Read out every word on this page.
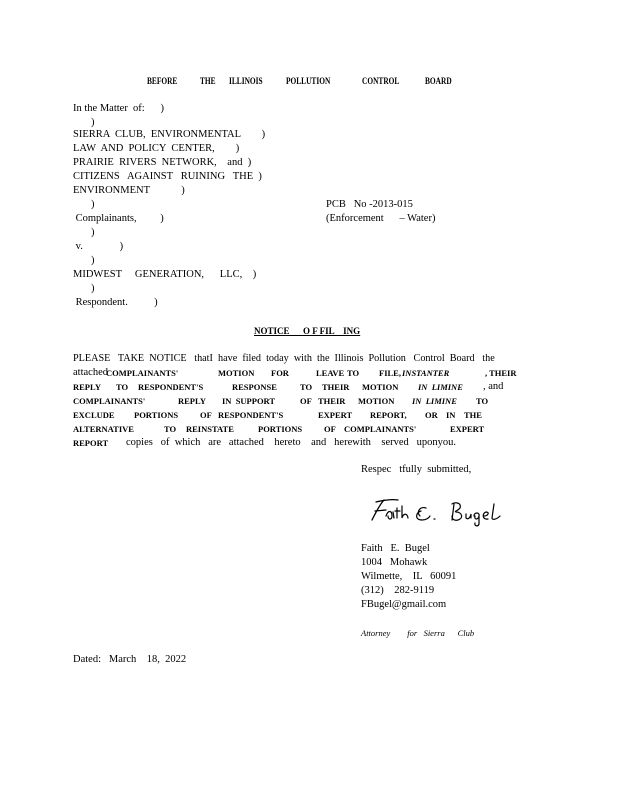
BEFORE	THE ILLINOIS	POLLUTION	CONTROL	BOARD
In the Matter  of:      )
)
SIERRA  CLUB,  ENVIRONMENTAL        )
LAW  AND  POLICY  CENTER,        )
PRAIRIE  RIVERS  NETWORK,    and  )
CITIZENS   AGAINST   RUINING   THE  )
ENVIRONMENT            )
)
Complainants,         )
)
v.              )
)
MIDWEST     GENERATION,      LLC,    )
)
Respondent.          )
PCB   No -2013-015
(Enforcement      – Water)
NOTICE      O F FIL    ING
PLEASE   TAKE  NOTICE   thatI  have  filed  today  with  the  Illinois  Pollution   Control  Board   the
attached
COMPLAINANTS'	MOTION FOR	LEAVE TO FILE, INSTANTER	, THEIR
REPLY TO RESPONDENT'S	RESPONSE	TO THEIR MOTION IN  LIMINE , and
COMPLAINANTS'	REPLY IN  SUPPORT	OF THEIR MOTION IN  LIMINE TO
EXCLUDE PORTIONS	OF RESPONDENT'S	EXPERT REPORT, OR IN THE
ALTERNATIVE	TO REINSTATE	PORTIONS	OF COMPLAINANTS'	EXPERT
REPORT copies   of  which   are   attached    hereto    and   herewith    served   uponyou.
Respec   tfully  submitted,
Faith   E.  Bugel
1004   Mohawk
Wilmette,    IL   60091
(312)    282-9119
FBugel@gmail.com
Attorney        for   Sierra      Club
Dated:   March    18,  2022
